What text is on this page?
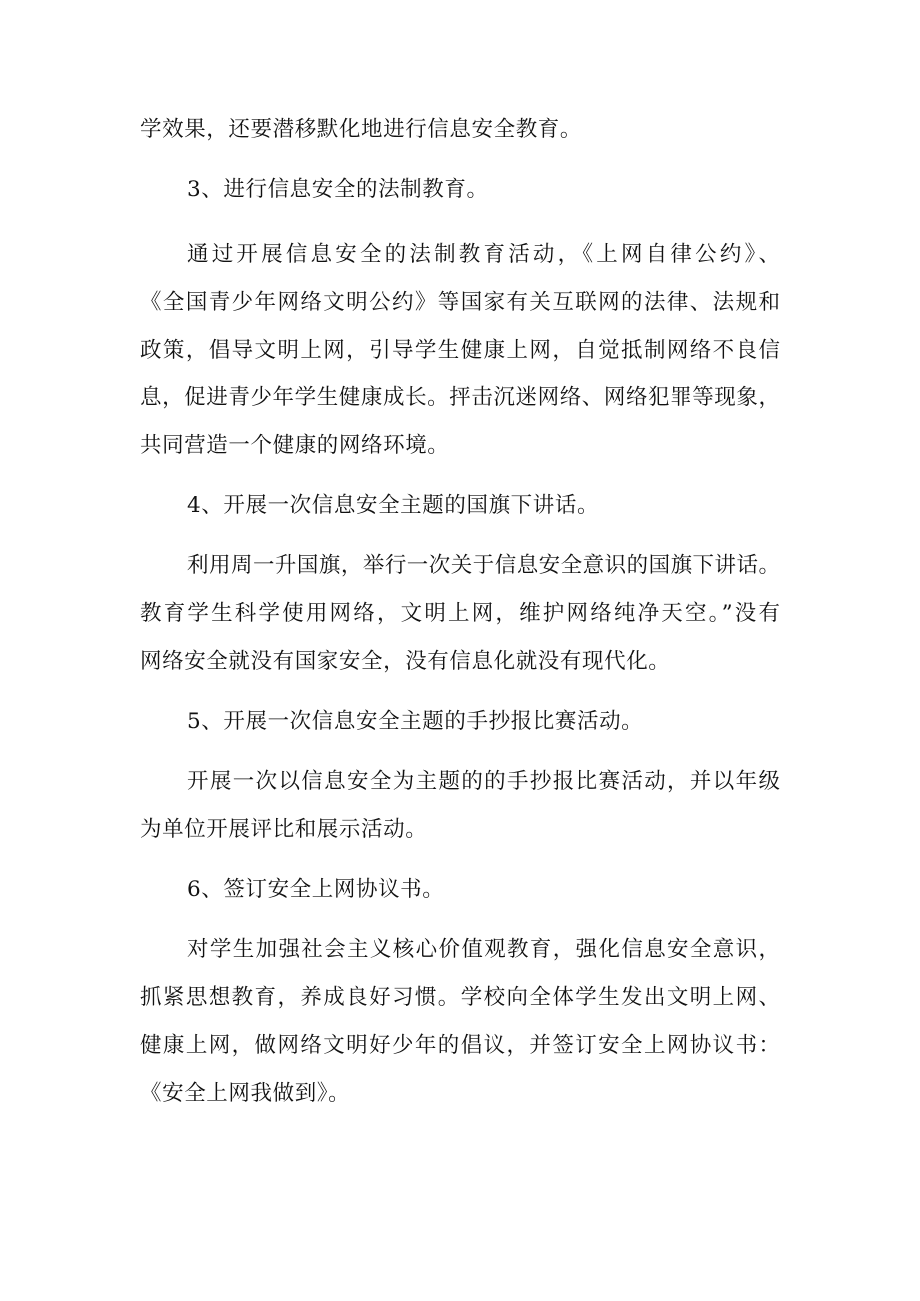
学效果，还要潜移默化地进行信息安全教育。
3、进行信息安全的法制教育。
通过开展信息安全的法制教育活动，《上网自律公约》、
《全国青少年网络文明公约》等国家有关互联网的法律、法规和
政策，倡导文明上网，引导学生健康上网，自觉抵制网络不良信
息，促进青少年学生健康成长。抨击沉迷网络、网络犯罪等现象，
共同营造一个健康的网络环境。
4、开展一次信息安全主题的国旗下讲话。
利用周一升国旗，举行一次关于信息安全意识的国旗下讲话。
教育学生科学使用网络，文明上网，维护网络纯净天空。”没有
网络安全就没有国家安全，没有信息化就没有现代化。
5、开展一次信息安全主题的手抄报比赛活动。
开展一次以信息安全为主题的的手抄报比赛活动，并以年级
为单位开展评比和展示活动。
6、签订安全上网协议书。
对学生加强社会主义核心价值观教育，强化信息安全意识，
抓紧思想教育，养成良好习惯。学校向全体学生发出文明上网、
健康上网，做网络文明好少年的倡议，并签订安全上网协议书：
《安全上网我做到》。
